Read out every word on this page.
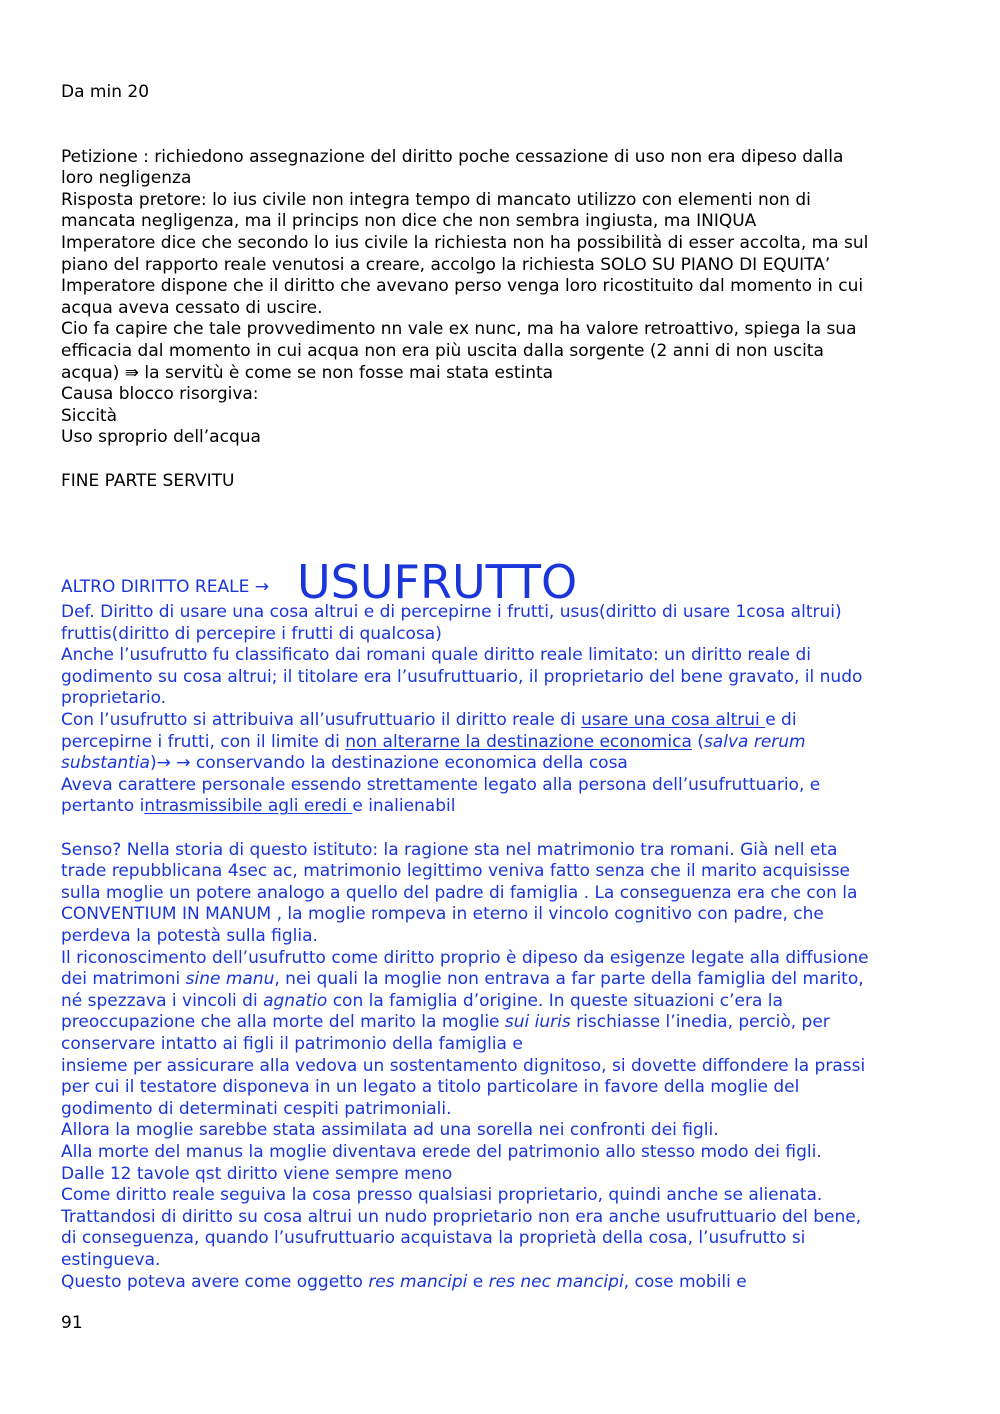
Da min 20
Petizione : richiedono assegnazione del diritto poche cessazione di uso non era dipeso dalla
loro negligenza
Risposta pretore: lo ius civile non integra tempo di mancato utilizzo con elementi non di
mancata negligenza, ma il princips non dice che non sembra ingiusta, ma INIQUA
Imperatore dice che secondo lo ius civile la richiesta non ha possibilità di esser accolta, ma sul
piano del rapporto reale venutosi a creare, accolgo la richiesta SOLO SU PIANO DI EQUITA’
Imperatore dispone che il diritto che avevano perso venga loro ricostituito dal momento in cui
acqua aveva cessato di uscire.
Cio fa capire che tale provvedimento nn vale ex nunc, ma ha valore retroattivo, spiega la sua
efficacia dal momento in cui acqua non era più uscita dalla sorgente (2 anni di non uscita
acqua) ⇛ la servitù è come se non fosse mai stata estinta
Causa blocco risorgiva:
Siccità
Uso sproprio dell’acqua
FINE PARTE SERVITU
ALTRO DIRITTO REALE → USUFRUTTO
Def. Diritto di usare una cosa altrui e di percepirne i frutti, usus(diritto di usare 1cosa altrui)
fruttis(diritto di percepire i frutti di qualcosa)
Anche l’usufrutto fu classificato dai romani quale diritto reale limitato: un diritto reale di
godimento su cosa altrui; il titolare era l’usufruttuario, il proprietario del bene gravato, il nudo
proprietario.
Con l’usufrutto si attribuiva all’usufruttuario il diritto reale di usare una cosa altrui e di
percepirne i frutti, con il limite di non alterarne la destinazione economica (salva rerum
substantia)→ → conservando la destinazione economica della cosa
Aveva carattere personale essendo strettamente legato alla persona dell’usufruttuario, e
pertanto intrasmissibile agli eredi e inalienabil
Senso? Nella storia di questo istituto: la ragione sta nel matrimonio tra romani. Già nell eta
trade repubblicana 4sec ac, matrimonio legittimo veniva fatto senza che il marito acquisisse
sulla moglie un potere analogo a quello del padre di famiglia . La conseguenza era che con la
CONVENTIUM IN MANUM , la moglie rompeva in eterno il vincolo cognitivo con padre, che
perdeva la potestà sulla figlia.
Il riconoscimento dell’usufrutto come diritto proprio è dipeso da esigenze legate alla diffusione
dei matrimoni sine manu, nei quali la moglie non entrava a far parte della famiglia del marito,
né spezzava i vincoli di agnatio con la famiglia d’origine. In queste situazioni c’era la
preoccupazione che alla morte del marito la moglie sui iuris rischiasse l’inedia, perciò, per
conservare intatto ai figli il patrimonio della famiglia e
insieme per assicurare alla vedova un sostentamento dignitoso, si dovette diffondere la prassi
per cui il testatore disponeva in un legato a titolo particolare in favore della moglie del
godimento di determinati cespiti patrimoniali.
Allora la moglie sarebbe stata assimilata ad una sorella nei confronti dei figli.
Alla morte del manus la moglie diventava erede del patrimonio allo stesso modo dei figli.
Dalle 12 tavole qst diritto viene sempre meno
Come diritto reale seguiva la cosa presso qualsiasi proprietario, quindi anche se alienata.
Trattandosi di diritto su cosa altrui un nudo proprietario non era anche usufruttuario del bene,
di conseguenza, quando l’usufruttuario acquistava la proprietà della cosa, l’usufrutto si
estingueva.
Questo poteva avere come oggetto res mancipi e res nec mancipi, cose mobili e
91
